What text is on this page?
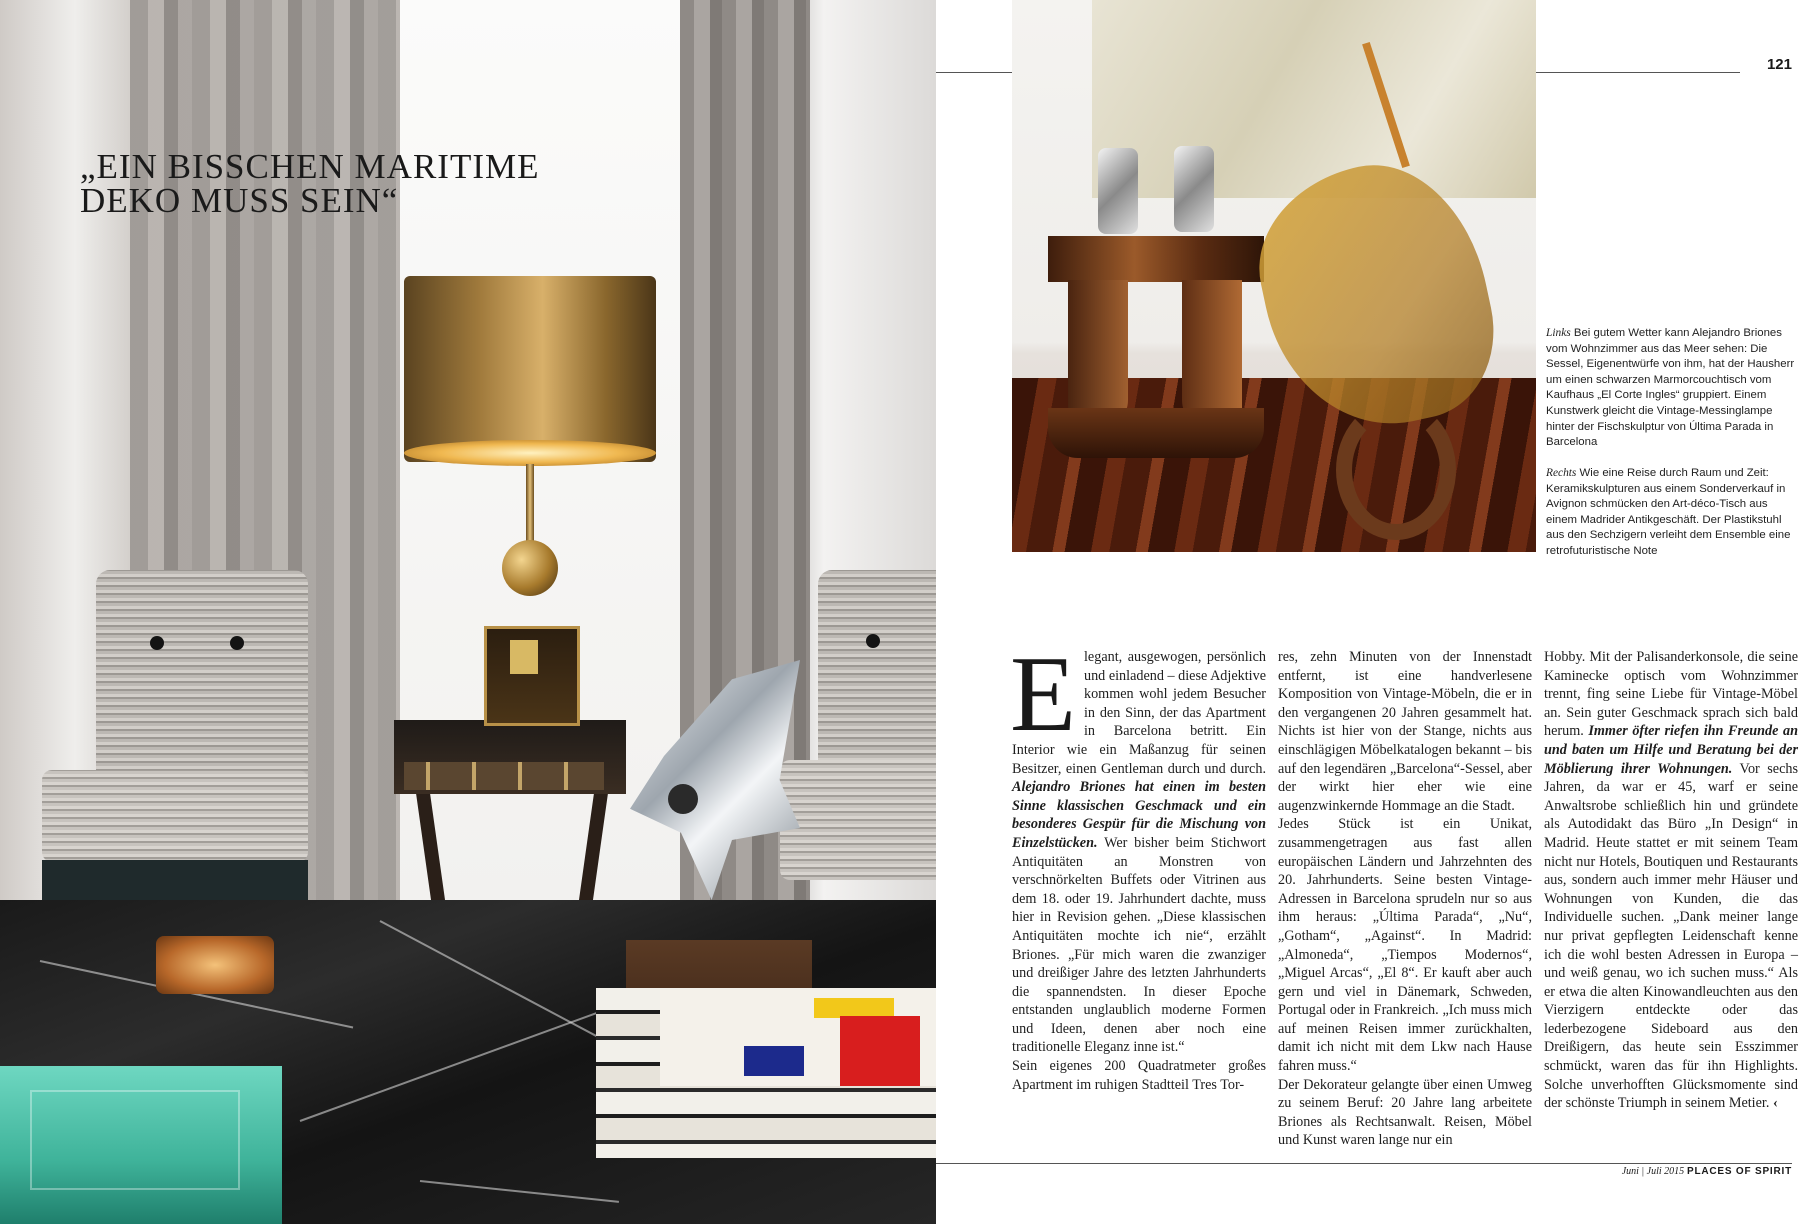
„EIN BISSCHEN MARITIME
DEKO MUSS SEIN“
121
Links Bei gutem Wetter kann Alejandro Briones vom Wohnzimmer aus das Meer sehen: Die Sessel, Eigenentwürfe von ihm, hat der Hausherr um einen schwarzen Marmorcouchtisch vom Kaufhaus „El Corte Ingles“ gruppiert. Einem Kunstwerk gleicht die Vintage-Messinglampe hinter der Fischskulptur von Última Parada in Barcelona
Rechts Wie eine Reise durch Raum und Zeit: Keramikskulpturen aus einem Sonderverkauf in Avignon schmücken den Art-déco-Tisch aus einem Madrider Antikgeschäft. Der Plastikstuhl aus den Sechzigern verleiht dem Ensemble eine retrofuturistische Note

E legant, ausgewogen, persönlich und einladend – diese Adjektive kommen wohl jedem Besucher in den Sinn, der das Apartment in Barcelona betritt. Ein Interior wie ein Maßanzug für seinen Besitzer, einen Gentleman durch und durch. Alejandro Briones hat einen im besten Sinne klassischen Geschmack und ein besonderes Gespür für die Mischung von Einzelstücken. Wer bisher beim Stichwort Antiquitäten an Monstren von verschnörkelten Buffets oder Vitrinen aus dem 18. oder 19. Jahrhundert dachte, muss hier in Revision gehen. „Diese klassischen Antiquitäten mochte ich nie“, erzählt Briones. „Für mich waren die zwanziger und dreißiger Jahre des letzten Jahrhunderts die spannendsten. In dieser Epoche entstanden unglaublich moderne Formen und Ideen, denen aber noch eine traditionelle Eleganz inne ist.“

Sein eigenes 200 Quadratmeter großes Apartment im ruhigen Stadtteil Tres Tor-

res, zehn Minuten von der Innenstadt entfernt, ist eine handverlesene Komposition von Vintage-Möbeln, die er in den vergangenen 20 Jahren gesammelt hat. Nichts ist hier von der Stange, nichts aus einschlägigen Möbelkatalogen bekannt – bis auf den legendären „Barcelona“-Sessel, aber der wirkt hier eher wie eine augenzwinkernde Hommage an die Stadt.

Jedes Stück ist ein Unikat, zusammengetragen aus fast allen europäischen Ländern und Jahrzehnten des 20. Jahrhunderts. Seine besten Vintage-Adressen in Barcelona sprudeln nur so aus ihm heraus: „Última Parada“, „Nu“, „Gotham“, „Against“. In Madrid: „Almoneda“, „Tiempos Modernos“, „Miguel Arcas“, „El 8“. Er kauft aber auch gern und viel in Dänemark, Schweden, Portugal oder in Frankreich. „Ich muss mich auf meinen Reisen immer zurückhalten, damit ich nicht mit dem Lkw nach Hause fahren muss.“

Der Dekorateur gelangte über einen Umweg zu seinem Beruf: 20 Jahre lang arbeitete Briones als Rechtsanwalt. Reisen, Möbel und Kunst waren lange nur ein

Hobby. Mit der Palisanderkonsole, die seine Kaminecke optisch vom Wohnzimmer trennt, fing seine Liebe für Vintage-Möbel an. Sein guter Geschmack sprach sich bald herum. Immer öfter riefen ihn Freunde an und baten um Hilfe und Beratung bei der Möblierung ihrer Wohnungen. Vor sechs Jahren, da war er 45, warf er seine Anwaltsrobe schließlich hin und gründete als Autodidakt das Büro „In Design“ in Madrid. Heute stattet er mit seinem Team nicht nur Hotels, Boutiquen und Restaurants aus, sondern auch immer mehr Häuser und Wohnungen von Kunden, die das Individuelle suchen. „Dank meiner lange nur privat gepflegten Leidenschaft kenne ich die wohl besten Adressen in Europa – und weiß genau, wo ich suchen muss.“ Als er etwa die alten Kinowandleuchten aus den Vierzigern entdeckte oder das lederbezogene Sideboard aus den Dreißigern, das heute sein Esszimmer schmückt, waren das für ihn Highlights. Solche unverhofften Glücksmomente sind der schönste Triumph in seinem Metier. ‹

Juni | Juli 2015 PLACES OF SPIRIT
